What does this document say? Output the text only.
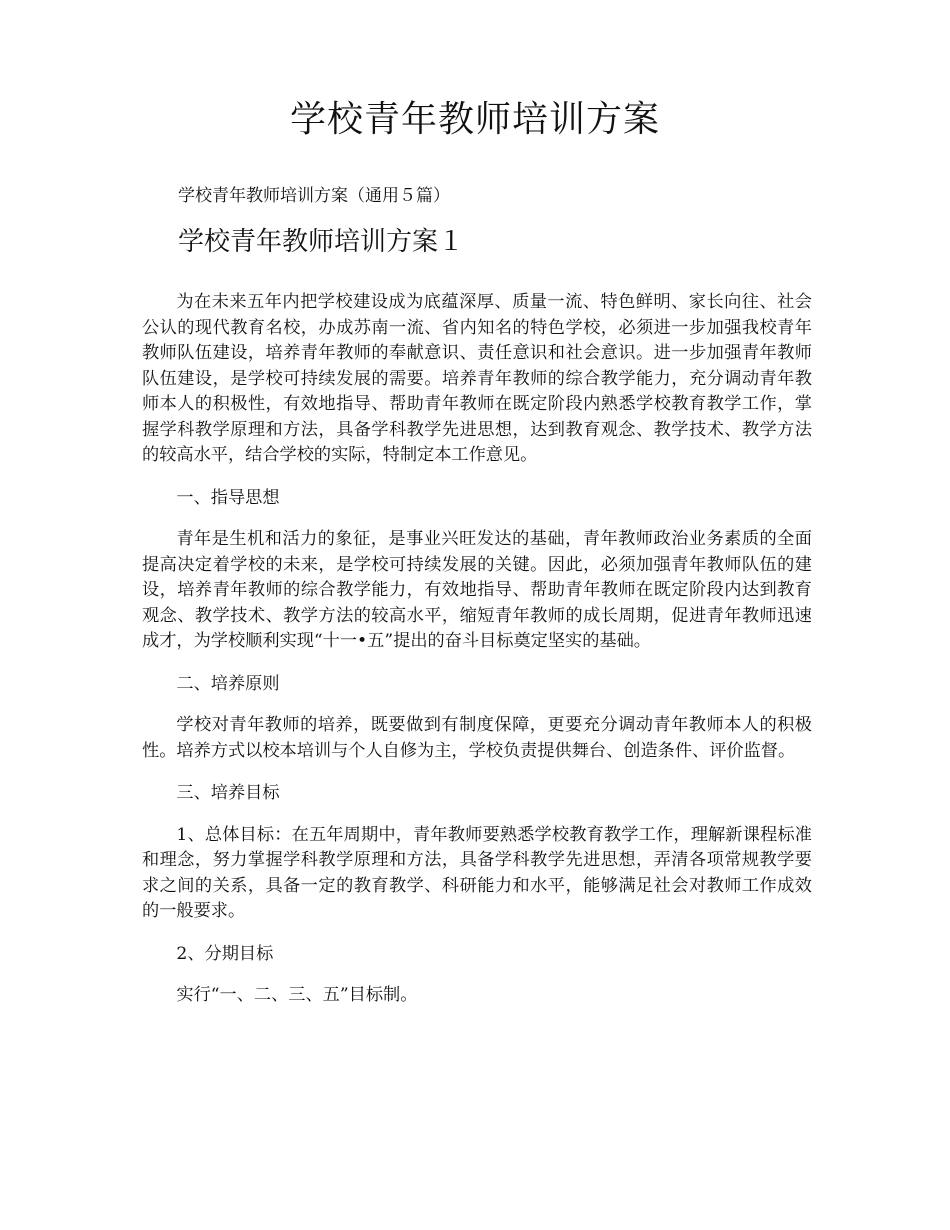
学校青年教师培训方案

学校青年教师培训方案（通用５篇）

学校青年教师培训方案１

为在未来五年内把学校建设成为底蕴深厚、质量一流、特色鲜明、家长向往、社会公认的现代教育名校，办成苏南一流、省内知名的特色学校，必须进一步加强我校青年教师队伍建设，培养青年教师的奉献意识、责任意识和社会意识。进一步加强青年教师队伍建设，是学校可持续发展的需要。培养青年教师的综合教学能力，充分调动青年教师本人的积极性，有效地指导、帮助青年教师在既定阶段内熟悉学校教育教学工作，掌握学科教学原理和方法，具备学科教学先进思想，达到教育观念、教学技术、教学方法的较高水平，结合学校的实际，特制定本工作意见。

一、指导思想

青年是生机和活力的象征，是事业兴旺发达的基础，青年教师政治业务素质的全面提高决定着学校的未来，是学校可持续发展的关键。因此，必须加强青年教师队伍的建设，培养青年教师的综合教学能力，有效地指导、帮助青年教师在既定阶段内达到教育观念、教学技术、教学方法的较高水平，缩短青年教师的成长周期，促进青年教师迅速成才，为学校顺利实现“十一•五”提出的奋斗目标奠定坚实的基础。

二、培养原则

学校对青年教师的培养，既要做到有制度保障，更要充分调动青年教师本人的积极性。培养方式以校本培训与个人自修为主，学校负责提供舞台、创造条件、评价监督。

三、培养目标

1、总体目标：在五年周期中，青年教师要熟悉学校教育教学工作，理解新课程标准和理念，努力掌握学科教学原理和方法，具备学科教学先进思想，弄清各项常规教学要求之间的关系，具备一定的教育教学、科研能力和水平，能够满足社会对教师工作成效的一般要求。

2、分期目标

实行“一、二、三、五”目标制。
